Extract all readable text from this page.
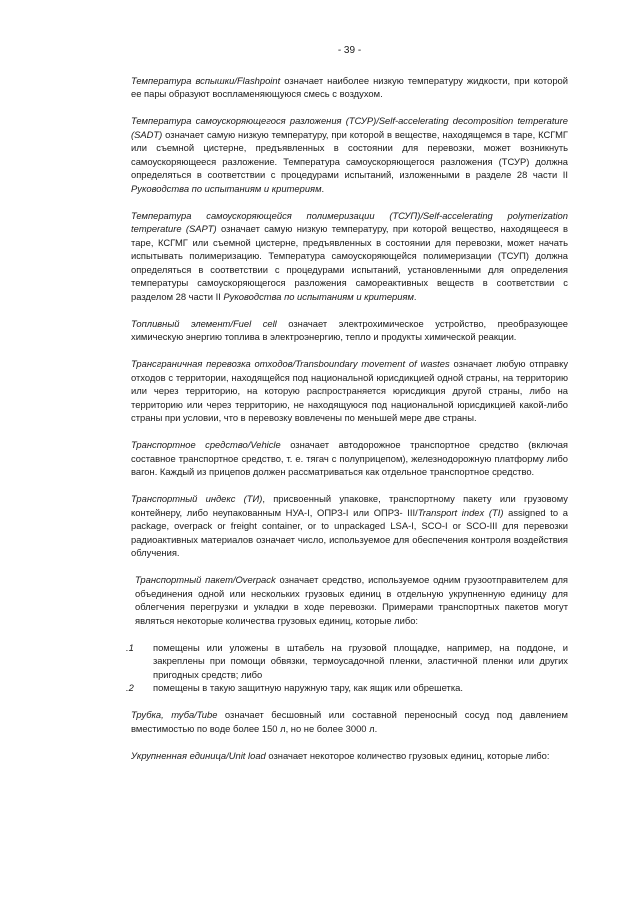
- 39 -

Температура вспышки/Flashpoint означает наиболее низкую температуру жидкости, при которой ее пары образуют воспламеняющуюся смесь с воздухом.

Температура самоускоряющегося разложения (ТСУР)/Self-accelerating decomposition temperature (SADT) означает самую низкую температуру, при которой в веществе, находящемся в таре, КСГМГ или съемной цистерне, предъявленных в состоянии для перевозки, может возникнуть самоускоряющееся разложение. Температура самоускоряющегося разложения (ТСУР) должна определяться в соответствии с процедурами испытаний, изложенными в разделе 28 части II Руководства по испытаниям и критериям.

Температура самоускоряющейся полимеризации (ТСУП)/Self-accelerating polymerization temperature (SAPT) означает самую низкую температуру, при которой вещество, находящееся в таре, КСГМГ или съемной цистерне, предъявленных в состоянии для перевозки, может начать испытывать полимеризацию. Температура самоускоряющейся полимеризации (ТСУП) должна определяться в соответствии с процедурами испытаний, установленными для определения температуры самоускоряющегося разложения самореактивных веществ в соответствии с разделом 28 части II Руководства по испытаниям и критериям.

Топливный элемент/Fuel cell означает электрохимическое устройство, преобразующее химическую энергию топлива в электроэнергию, тепло и продукты химической реакции.

Трансграничная перевозка отходов/Transboundary movement of wastes означает любую отправку отходов с территории, находящейся под национальной юрисдикцией одной страны, на территорию или через территорию, на которую распространяется юрисдикция другой страны, либо на территорию или через территорию, не находящуюся под национальной юрисдикцией какой-либо страны при условии, что в перевозку вовлечены по меньшей мере две страны.

Транспортное средство/Vehicle означает автодорожное транспортное средство (включая составное транспортное средство, т. е. тягач с полуприцепом), железнодорожную платформу либо вагон. Каждый из прицепов должен рассматриваться как отдельное транспортное средство.

Транспортный индекс (ТИ), присвоенный упаковке, транспортному пакету или грузовому контейнеру, либо неупакованным НУА-I, ОПРЗ-I или ОПРЗ- III/Transport index (TI) assigned to a package, overpack or freight container, or to unpackaged LSA-I, SCO-I or SCO-III для перевозки радиоактивных материалов означает число, используемое для обеспечения контроля воздействия облучения.

Транспортный пакет/Overpack означает средство, используемое одним грузоотправителем для объединения одной или нескольких грузовых единиц в отдельную укрупненную единицу для облегчения перегрузки и укладки в ходе перевозки. Примерами транспортных пакетов могут являться некоторые количества грузовых единиц, которые либо:

.1	помещены или уложены в штабель на грузовой площадке, например, на поддоне, и закреплены при помощи обвязки, термоусадочной пленки, эластичной пленки или других пригодных средств; либо
.2	помещены в такую защитную наружную тару, как ящик или обрешетка.

Трубка, туба/Tube означает бесшовный или составной переносный сосуд под давлением вместимостью по воде более 150 л, но не более 3000 л.

Укрупненная единица/Unit load означает некоторое количество грузовых единиц, которые либо:
